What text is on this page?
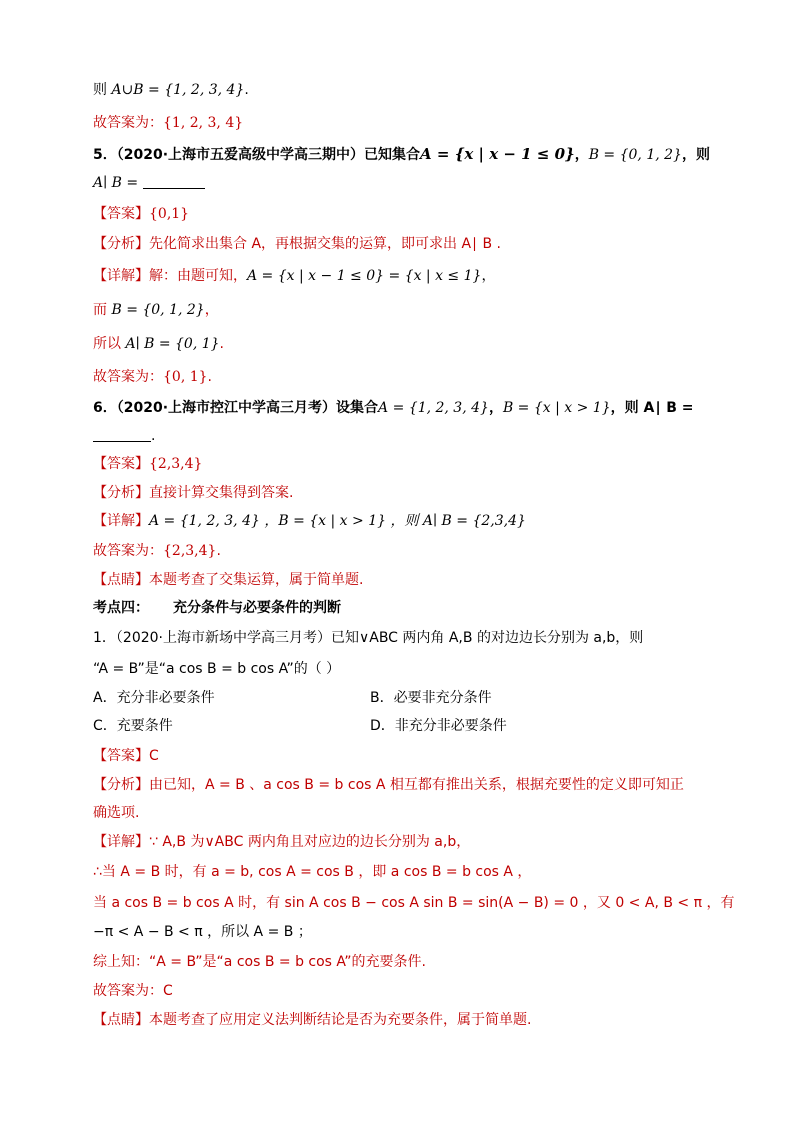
则 A∪B = {1, 2, 3, 4}.
故答案为：{1, 2, 3, 4}
5．（2020·上海市五爱高级中学高三期中）已知集合A = {x | x − 1 ≤ 0}，B = {0, 1, 2}，则
A∣ B =
【答案】{0,1}
【分析】先化简求出集合 A，再根据交集的运算，即可求出 A∣ B .
【详解】解：由题可知，A = {x | x − 1 ≤ 0} = {x | x ≤ 1}，
而 B = {0, 1, 2}，
所以 A∣ B = {0, 1}.
故答案为：{0, 1}.
6．（2020·上海市控江中学高三月考）设集合A = {1, 2, 3, 4}，B = {x | x > 1}，则 A∣ B =
.
【答案】{2,3,4}
【分析】直接计算交集得到答案.
【详解】A = {1, 2, 3, 4} ，B = {x | x > 1} ，则 A∣ B = {2,3,4}
故答案为：{2,3,4}.
【点睛】本题考查了交集运算，属于简单题.
考点四： 充分条件与必要条件的判断
1．（2020·上海市新场中学高三月考）已知∨ABC 两内角 A,B 的对边边长分别为 a,b，则
“A = B”是“a cos B = b cos A”的（ ）
A．充分非必要条件	B．必要非充分条件
C．充要条件	D．非充分非必要条件
【答案】C
【分析】由已知，A = B 、a cos B = b cos A 相互都有推出关系，根据充要性的定义即可知正
确选项.
【详解】∵ A,B 为∨ABC 两内角且对应边的边长分别为 a,b，
∴当 A = B 时，有 a = b, cos A = cos B ，即 a cos B = b cos A ，
当 a cos B = b cos A 时，有 sin A cos B − cos A sin B = sin(A − B) = 0 ，又 0 < A, B < π ，有
−π < A − B < π ，所以 A = B ；
综上知：“A = B”是“a cos B = b cos A”的充要条件.
故答案为：C
【点睛】本题考查了应用定义法判断结论是否为充要条件，属于简单题.
